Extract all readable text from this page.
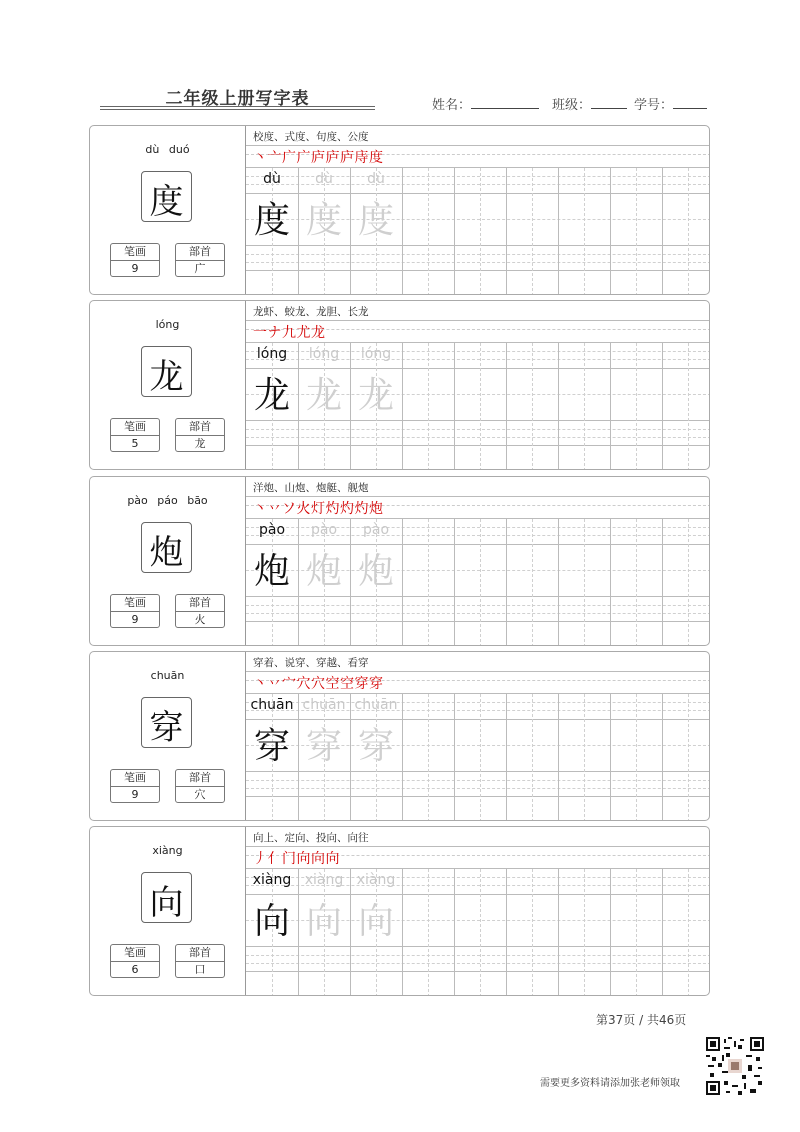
二年级上册写字表	姓名：	班级：	学号：
dù duó
度
笔画
9
部首
广
校度、式度、句度、公度
丶亠广广庐庐庐庤度
dù
度
dù
度
dù
度
lóng
龙
笔画
5
部首
龙
龙虾、蛟龙、龙胆、长龙
一ナ九尤龙
lóng
龙
lóng
龙
lóng
龙
pào páo bāo
炮
笔画
9
部首
火
洋炮、山炮、炮艇、舰炮
丶丷ソ火灯灼灼灼炮
pào
炮
pào
炮
pào
炮
chuān
穿
笔画
9
部首
穴
穿着、说穿、穿越、看穿
丶丷宀穴穴空空穿穿
chuān
穿
chuān
穿
chuān
穿
xiàng
向
笔画
6
部首
口
向上、定向、投向、向往
丿亻门向向向
xiàng
向
xiàng
向
xiàng
向
第37页 / 共46页
需要更多资料请添加张老师领取
